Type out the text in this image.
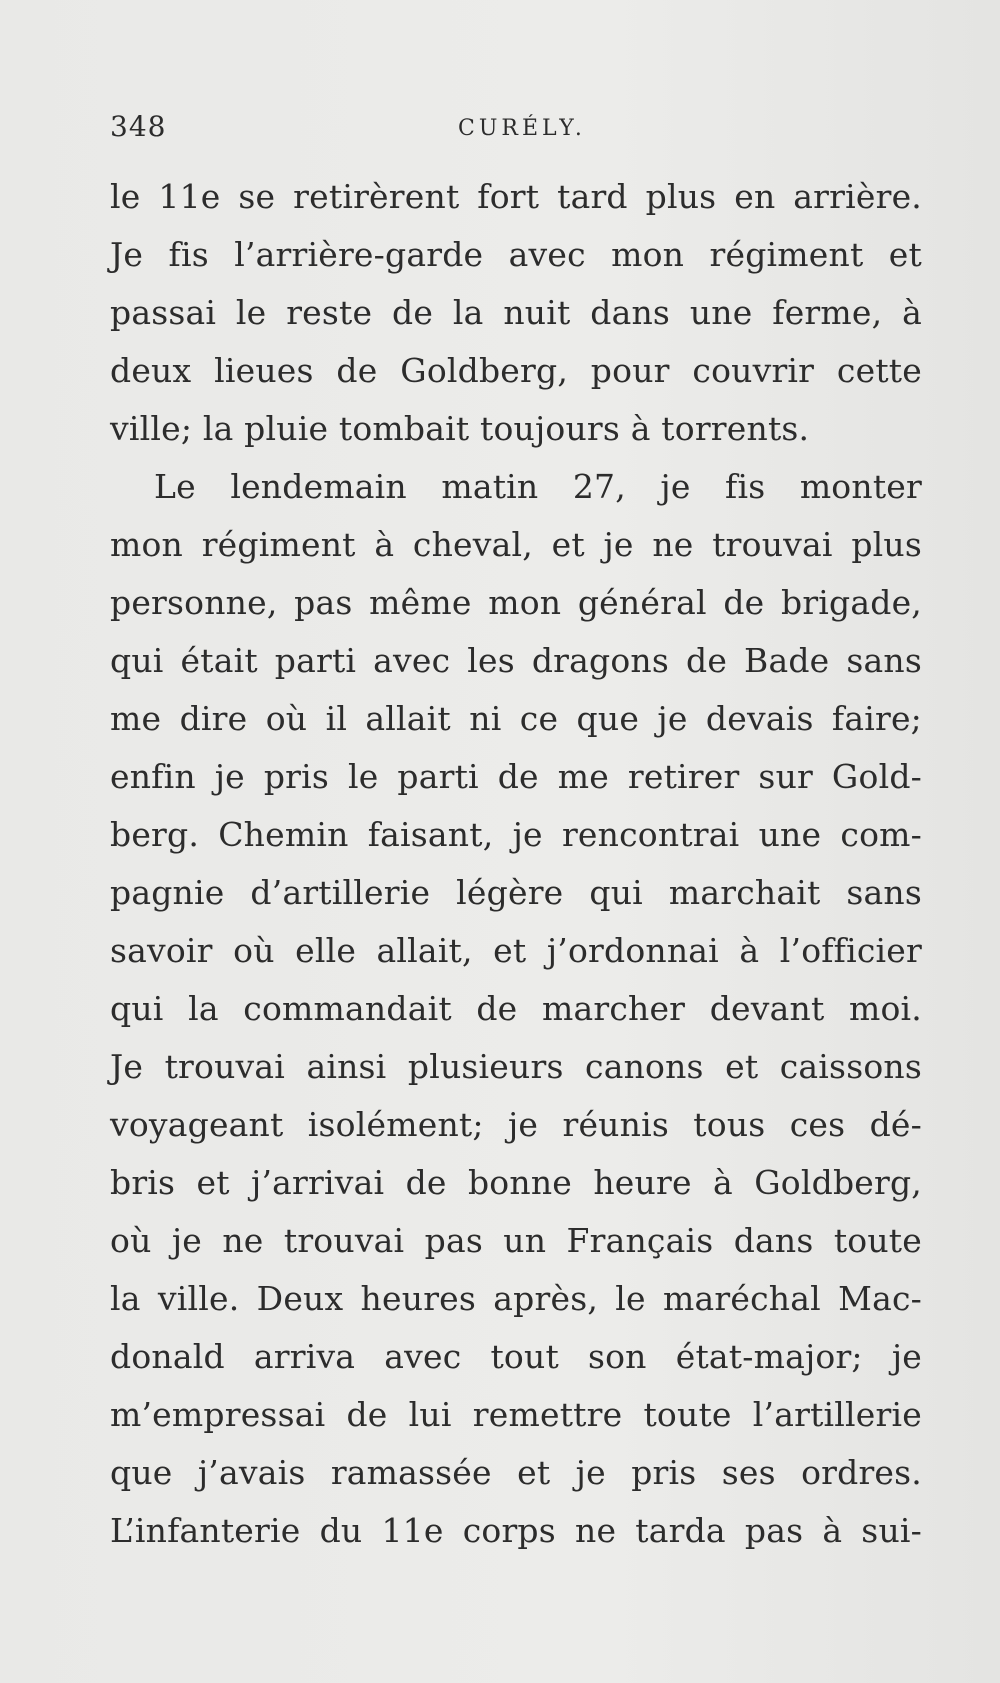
348	CURÉLY.
le 11e se retirèrent fort tard plus en arrière.
Je fis l’arrière-garde avec mon régiment et
passai le reste de la nuit dans une ferme, à
deux lieues de Goldberg, pour couvrir cette
ville; la pluie tombait toujours à torrents.
Le lendemain matin 27, je fis monter
mon régiment à cheval, et je ne trouvai plus
personne, pas même mon général de brigade,
qui était parti avec les dragons de Bade sans
me dire où il allait ni ce que je devais faire;
enfin je pris le parti de me retirer sur Gold-
berg. Chemin faisant, je rencontrai une com-
pagnie d’artillerie légère qui marchait sans
savoir où elle allait, et j’ordonnai à l’officier
qui la commandait de marcher devant moi.
Je trouvai ainsi plusieurs canons et caissons
voyageant isolément; je réunis tous ces dé-
bris et j’arrivai de bonne heure à Goldberg,
où je ne trouvai pas un Français dans toute
la ville. Deux heures après, le maréchal Mac-
donald arriva avec tout son état-major; je
m’empressai de lui remettre toute l’artillerie
que j’avais ramassée et je pris ses ordres.
L’infanterie du 11e corps ne tarda pas à sui-
